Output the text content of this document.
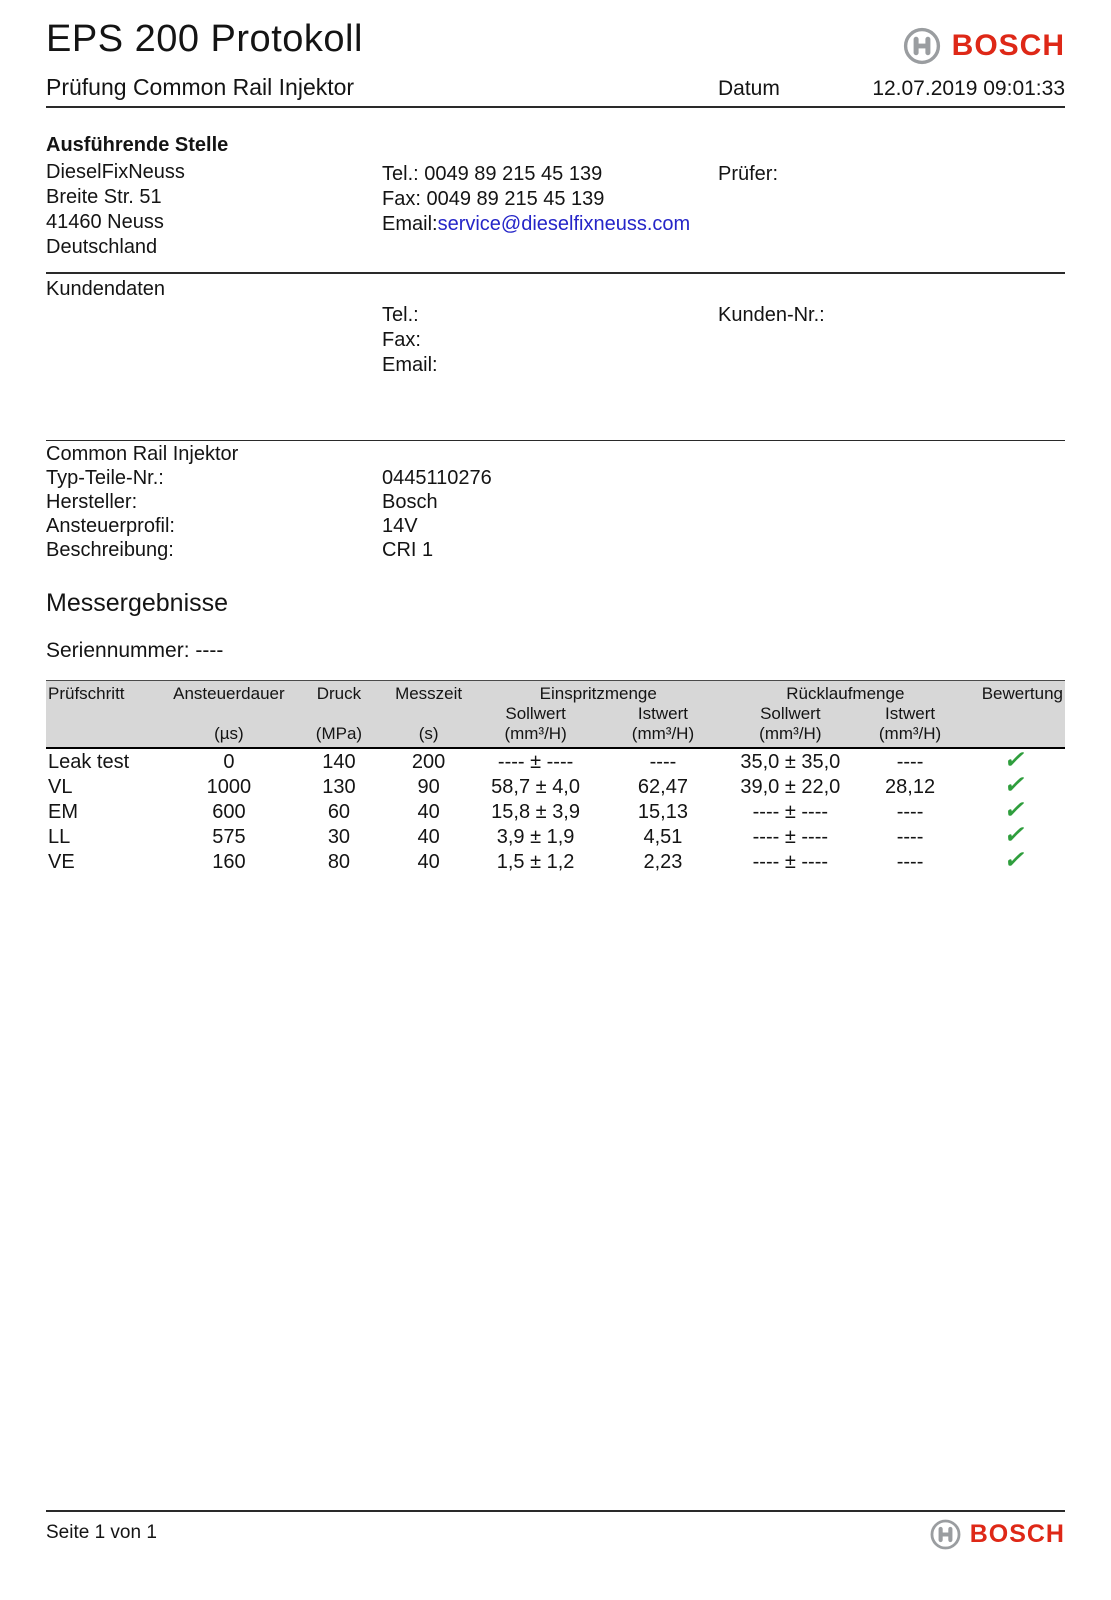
EPS 200 Protokoll	BOSCH
Prüfung Common Rail Injektor	Datum	12.07.2019 09:01:33
Ausführende Stelle
DieselFixNeuss
Breite Str. 51
41460 Neuss
Deutschland
Tel.: 0049 89 215 45 139
Fax: 0049 89 215 45 139
Email:service@dieselfixneuss.com
Prüfer:
Kundendaten
Tel.:
Fax:
Email:
Kunden-Nr.:
Common Rail Injektor
Typ-Teile-Nr.:	0445110276
Hersteller:	Bosch
Ansteuerprofil:	14V
Beschreibung:	CRI 1
Messergebnisse
Seriennummer: ----
Prüfschritt	Ansteuerdauer	Druck	Messzeit	Einspritzmenge		Rücklaufmenge		Bewertung
				Sollwert	Istwert	Sollwert	Istwert	
	(µs)	(MPa)	(s)	(mm³/H)	(mm³/H)	(mm³/H)	(mm³/H)	
Leak test	0	140	200	---- ± ----	----	35,0 ± 35,0	----	✓
VL	1000	130	90	58,7 ± 4,0	62,47	39,0 ± 22,0	28,12	✓
EM	600	60	40	15,8 ± 3,9	15,13	---- ± ----	----	✓
LL	575	30	40	3,9 ± 1,9	4,51	---- ± ----	----	✓
VE	160	80	40	1,5 ± 1,2	2,23	---- ± ----	----	✓
Seite 1 von 1	BOSCH
